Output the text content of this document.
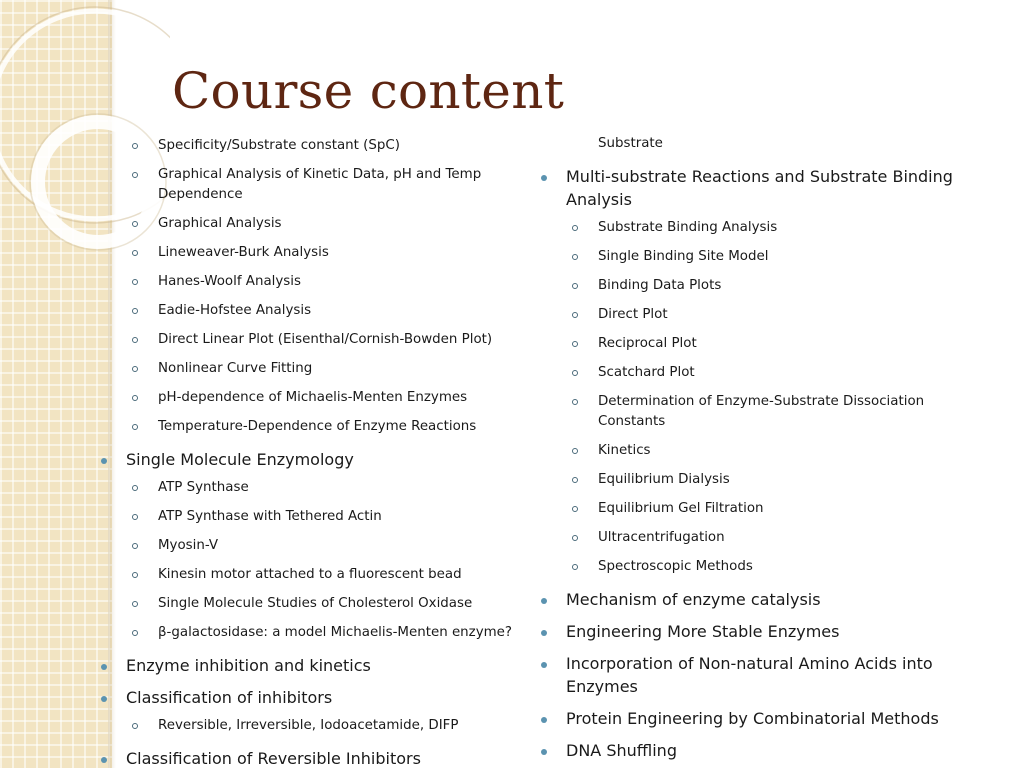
Course content
Specificity/Substrate constant (SpC)
Graphical Analysis of Kinetic Data, pH and Temp Dependence
Graphical Analysis
Lineweaver-Burk Analysis
Hanes-Woolf Analysis
Eadie-Hofstee Analysis
Direct Linear Plot (Eisenthal/Cornish-Bowden Plot)
Nonlinear Curve Fitting
pH-dependence of Michaelis-Menten Enzymes
Temperature-Dependence of Enzyme Reactions
Single Molecule Enzymology
ATP Synthase
ATP Synthase with Tethered Actin
Myosin-V
Kinesin motor attached to a fluorescent bead
Single Molecule Studies of Cholesterol Oxidase
β-galactosidase: a model Michaelis-Menten enzyme?
Enzyme inhibition and kinetics
Classification of inhibitors
Reversible, Irreversible, Iodoacetamide, DIFP
Classification of Reversible Inhibitors
Substrate
Multi-substrate Reactions and Substrate Binding Analysis
Substrate Binding Analysis
Single Binding Site Model
Binding Data Plots
Direct Plot
Reciprocal Plot
Scatchard Plot
Determination of Enzyme-Substrate Dissociation Constants
Kinetics
Equilibrium Dialysis
Equilibrium Gel Filtration
Ultracentrifugation
Spectroscopic Methods
Mechanism of enzyme catalysis
Engineering More Stable Enzymes
Incorporation of Non-natural Amino Acids into Enzymes
Protein Engineering by Combinatorial Methods
DNA Shuffling
